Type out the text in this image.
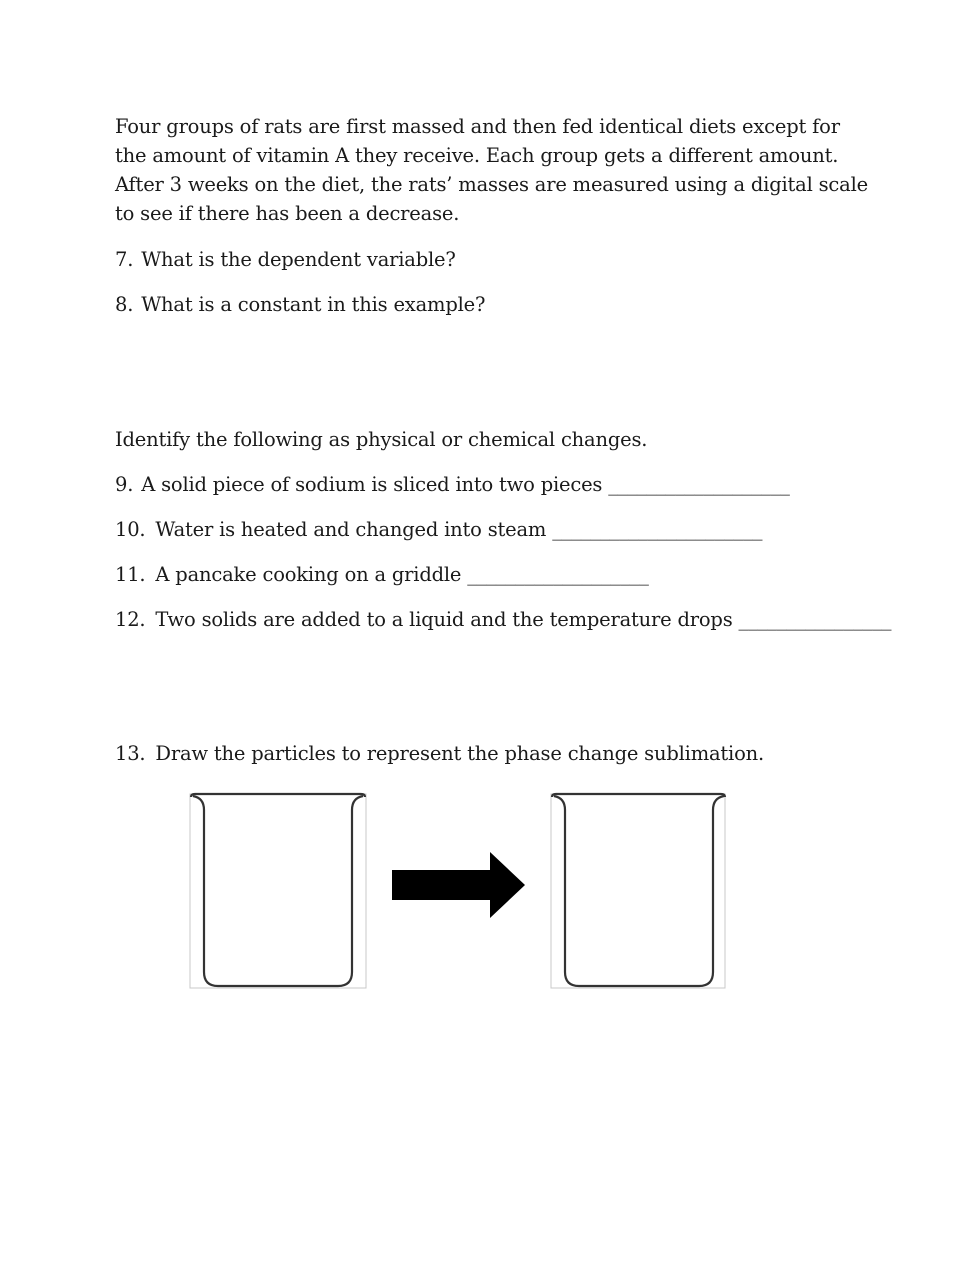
Four groups of rats are first massed and then fed identical diets except for the amount of vitamin A they receive. Each group gets a different amount. After 3 weeks on the diet, the rats’ masses are measured using a digital scale to see if there has been a decrease.

7. What is the dependent variable?
8. What is a constant in this example?
Identify the following as physical or chemical changes.
9. A solid piece of sodium is sliced into two pieces ___________________
10. Water is heated and changed into steam ______________________
11. A pancake cooking on a griddle ___________________
12. Two solids are added to a liquid and the temperature drops ________________
13. Draw the particles to represent the phase change sublimation.
